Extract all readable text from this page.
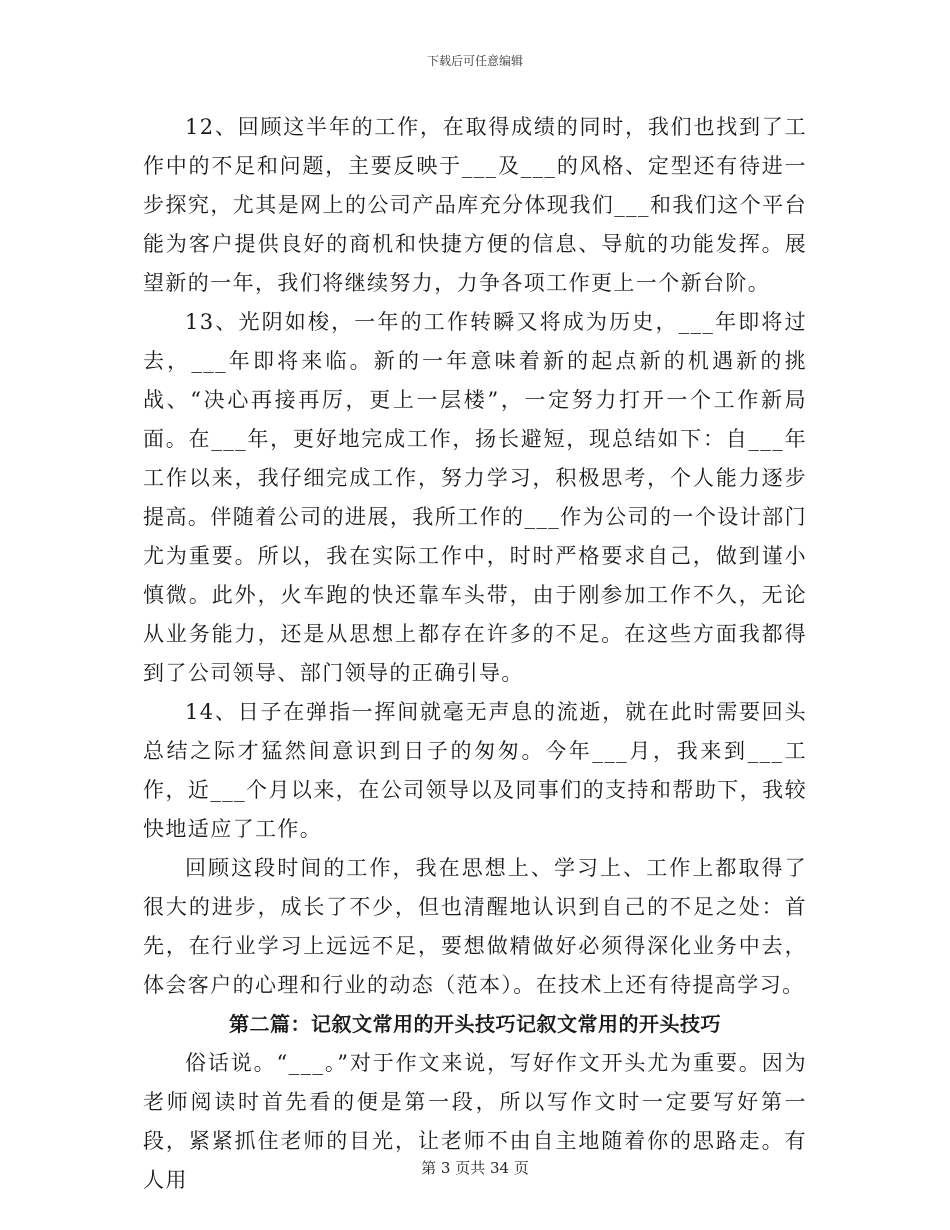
下载后可任意编辑

12、回顾这半年的工作，在取得成绩的同时，我们也找到了工作中的不足和问题，主要反映于___及___的风格、定型还有待进一步探究，尤其是网上的公司产品库充分体现我们___和我们这个平台能为客户提供良好的商机和快捷方便的信息、导航的功能发挥。展望新的一年，我们将继续努力，力争各项工作更上一个新台阶。

13、光阴如梭，一年的工作转瞬又将成为历史，___年即将过去，___年即将来临。新的一年意味着新的起点新的机遇新的挑战、“决心再接再厉，更上一层楼”，一定努力打开一个工作新局面。在___年，更好地完成工作，扬长避短，现总结如下：自___年工作以来，我仔细完成工作，努力学习，积极思考，个人能力逐步提高。伴随着公司的进展，我所工作的___作为公司的一个设计部门尤为重要。所以，我在实际工作中，时时严格要求自己，做到谨小慎微。此外，火车跑的快还靠车头带，由于刚参加工作不久，无论从业务能力，还是从思想上都存在许多的不足。在这些方面我都得到了公司领导、部门领导的正确引导。

14、日子在弹指一挥间就毫无声息的流逝，就在此时需要回头总结之际才猛然间意识到日子的匆匆。今年___月，我来到___工作，近___个月以来，在公司领导以及同事们的支持和帮助下，我较快地适应了工作。

回顾这段时间的工作，我在思想上、学习上、工作上都取得了很大的进步，成长了不少，但也清醒地认识到自己的不足之处：首先，在行业学习上远远不足，要想做精做好必须得深化业务中去，体会客户的心理和行业的动态（范本）。在技术上还有待提高学习。

第二篇：记叙文常用的开头技巧记叙文常用的开头技巧

俗话说。“___。”对于作文来说，写好作文开头尤为重要。因为老师阅读时首先看的便是第一段，所以写作文时一定要写好第一段，紧紧抓住老师的目光，让老师不由自主地随着你的思路走。有人用	第 3 页共 34 页
